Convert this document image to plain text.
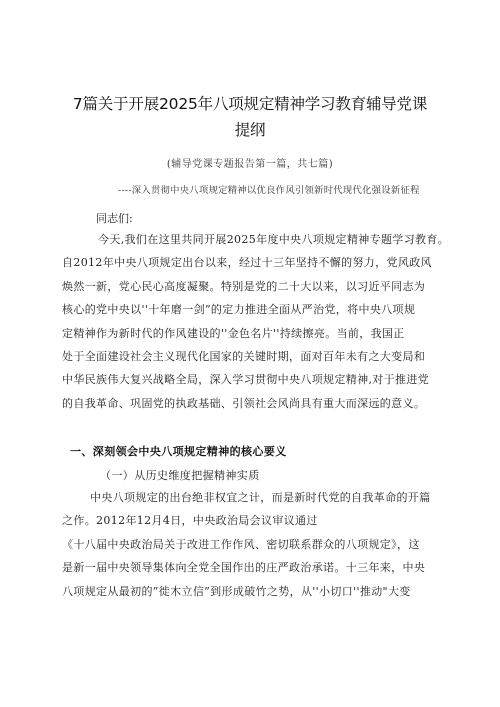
7篇关于开展2025年八项规定精神学习教育辅导党课
提纲
(辅导党课专题报告第一篇，共七篇)
----深入贯彻中央八项规定精神以优良作风引领新时代现代化强设新征程
同志们:
今天,我们在这里共同开展2025年度中央八项规定精神专题学习教育。
自2012年中央八项规定出台以来，经过十三年坚持不懈的努力，党风政风
焕然一新，党心民心高度凝聚。特别是党的二十大以来，以习近平同志为
核心的党中央以''十年磨一剑”的定力推进全面从严治党，将中央八项规
定精神作为新时代的作风建设的''金色名片''持续擦亮。当前，我国正
处于全面建设社会主义现代化国家的关键时期，面对百年未有之大变局和
中华民族伟大复兴战略全局，深入学习贯彻中央八项规定精神,对于推进党
的自我革命、巩固党的执政基础、引领社会风尚具有重大而深远的意义。
一、深刻领会中央八项规定精神的核心要义
（一）从历史维度把握精神实质
中央八项规定的出台绝非权宜之计，而是新时代党的自我革命的开篇
之作。2012年12月4日，中央政治局会议审议通过
《十八届中央政治局关于改进工作作风、密切联系群众的八项规定》，这
是新一届中央领导集体向全党全国作出的庄严政治承诺。十三年来，中央
八项规定从最初的”徙木立信”到形成破竹之势，从''小切口''推动"大变
